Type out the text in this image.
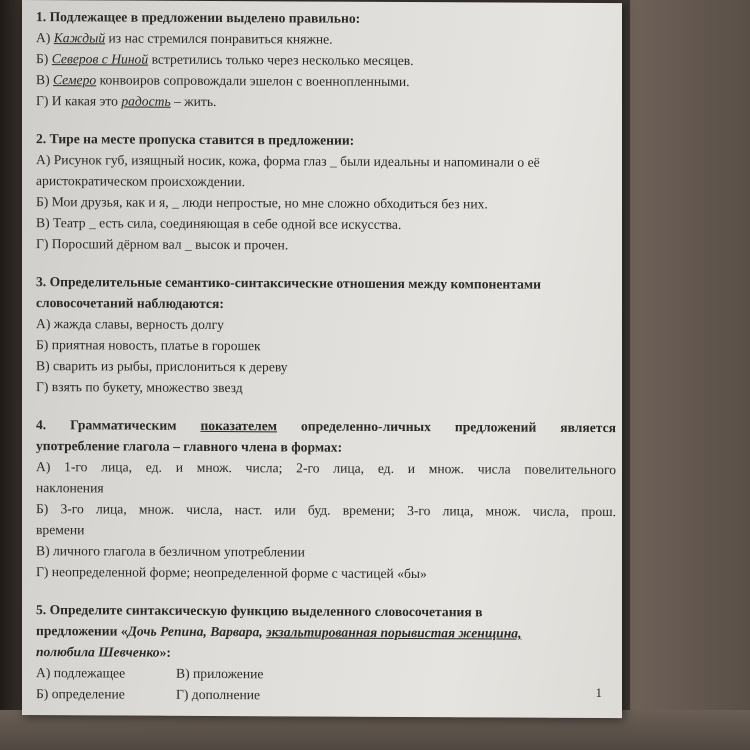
1. Подлежащее в предложении выделено правильно:

А) Каждый из нас стремился понравиться княжне.

Б) Северов с Ниной встретились только через несколько месяцев.

В) Семеро конвоиров сопровождали эшелон с военнопленными.

Г) И какая это радость – жить.

2. Тире на месте пропуска ставится в предложении:

А) Рисунок губ, изящный носик, кожа, форма глаз _ были идеальны и напоминали о её

аристократическом происхождении.

Б) Мои друзья, как и я, _ люди непростые, но мне сложно обходиться без них.

В) Театр _ есть сила, соединяющая в себе одной все искусства.

Г) Поросший дёрном вал _ высок и прочен.

3. Определительные семантико-синтаксические отношения между компонентами

словосочетаний наблюдаются:

А) жажда славы, верность долгу

Б) приятная новость, платье в горошек

В) сварить из рыбы, прислониться к дереву

Г) взять по букету, множество звезд

4. Грамматическим показателем определенно-личных предложений является

употребление глагола – главного члена в формах:

А) 1-го лица, ед. и множ. числа; 2-го лица, ед. и множ. числа повелительного

наклонения

Б) 3-го лица, множ. числа, наст. или буд. времени; 3-го лица, множ. числа, прош.

времени

В) личного глагола в безличном употреблении

Г) неопределенной форме; неопределенной форме с частицей «бы»

5. Определите синтаксическую функцию выделенного словосочетания в

предложении «Дочь Репина, Варвара, экзальтированная порывистая женщина,

полюбила Шевченко»:

А) подлежащее	В) приложение
Б) определение	Г) дополнение	1
